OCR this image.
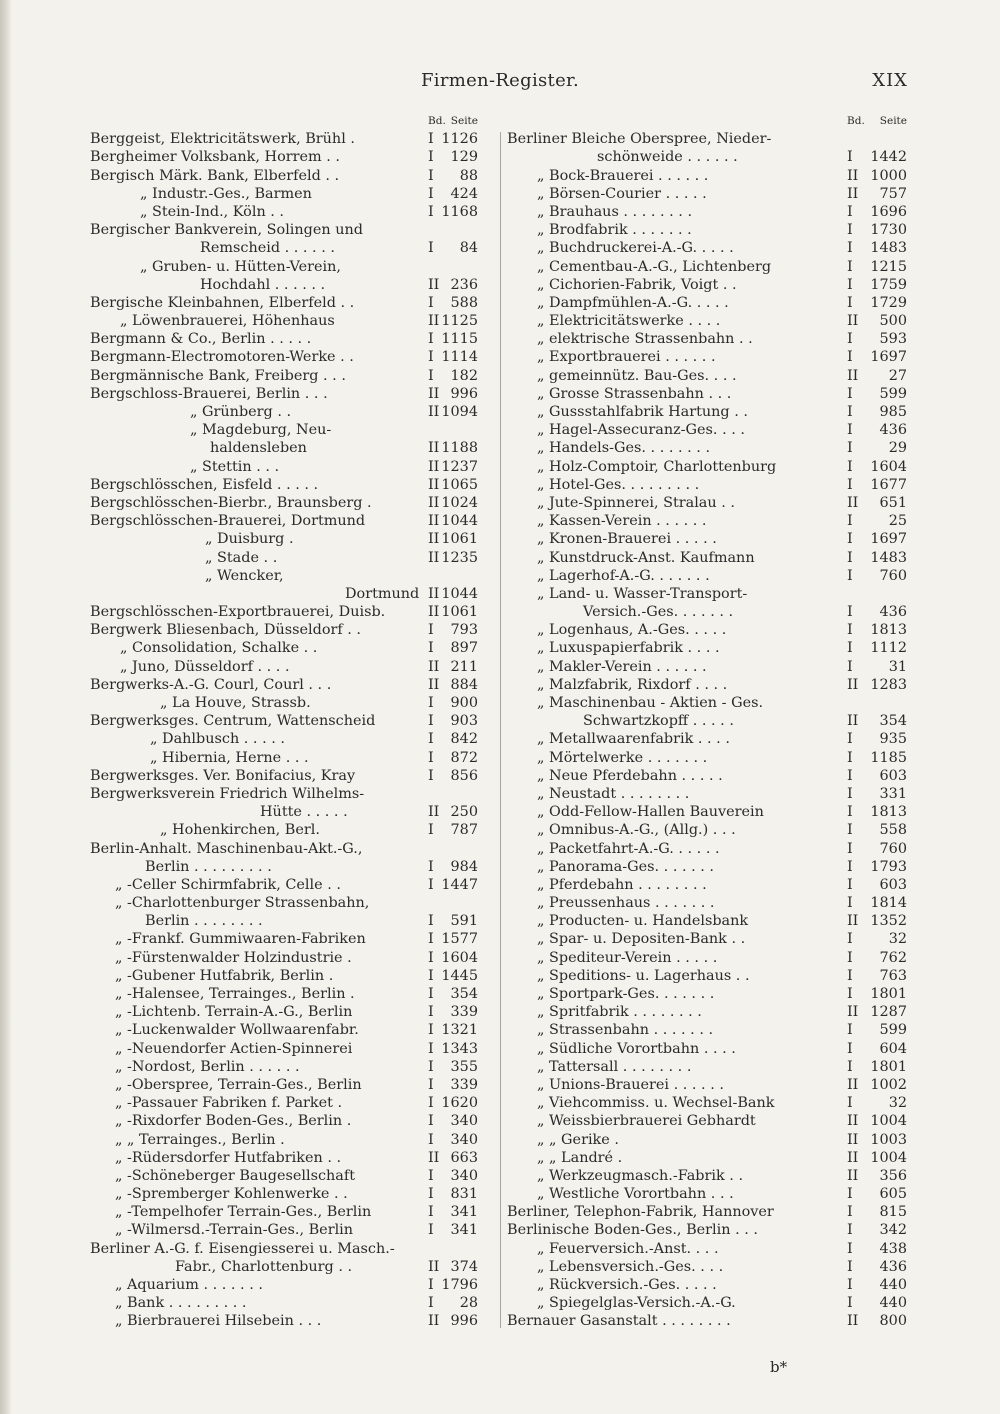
Firmen-Register.	XIX
Bd. Seite
Berggeist, Elektricitätswerk, Brühl .	I 1126
Bergheimer Volksbank, Horrem . .	I	129
Bergisch Märk. Bank, Elberfeld . .	I	88
„ Industr.-Ges., Barmen	I	424
„ Stein-Ind., Köln . .	I 1168
Bergischer Bankverein, Solingen und
Remscheid . . . . . .	I	84
„ Gruben- u. Hütten-Verein,
Hochdahl . . . . . .	II 236
Bergische Kleinbahnen, Elberfeld . .	I	588
„ Löwenbrauerei, Höhenhaus	II 1125
Bergmann & Co., Berlin . . . . .	I 1115
Bergmann-Electromotoren-Werke . .	I 1114
Bergmännische Bank, Freiberg . . .	I	182
Bergschloss-Brauerei, Berlin . . .	II 996
„ Grünberg . .	II 1094
„ Magdeburg, Neu-
haldensleben	II 1188
„ Stettin . . .	II 1237
Bergschlösschen, Eisfeld . . . . .	II 1065
Bergschlösschen-Bierbr., Braunsberg .	II 1024
Bergschlösschen-Brauerei, Dortmund	II 1044
„ Duisburg .	II 1061
„ Stade . .	II 1235
„ Wencker,
Dortmund II 1044
Bergschlösschen-Exportbrauerei, Duisb.	II 1061
Bergwerk Bliesenbach, Düsseldorf . .	I	793
„ Consolidation, Schalke . .	I	897
„ Juno, Düsseldorf . . . .	II 211
Bergwerks-A.-G. Courl, Courl . . .	II 884
„ La Houve, Strassb.	I	900
Bergwerksges. Centrum, Wattenscheid	I	903
„ Dahlbusch . . . . .	I	842
„ Hibernia, Herne . . .	I	872
Bergwerksges. Ver. Bonifacius, Kray	I	856
Bergwerksverein Friedrich Wilhelms-
Hütte . . . . .	II 250
„ Hohenkirchen, Berl.	I	787
Berlin-Anhalt. Maschinenbau-Akt.-G.,
Berlin . . . . . . . . .	I	984
„ -Celler Schirmfabrik, Celle . .	I 1447
„ -Charlottenburger Strassenbahn,
Berlin . . . . . . . .	I	591
„ -Frankf. Gummiwaaren-Fabriken	I 1577
„ -Fürstenwalder Holzindustrie .	I 1604
„ -Gubener Hutfabrik, Berlin .	I 1445
„ -Halensee, Terrainges., Berlin .	I	354
„ -Lichtenb. Terrain-A.-G., Berlin	I	339
„ -Luckenwalder Wollwaarenfabr.	I 1321
„ -Neuendorfer Actien-Spinnerei	I 1343
„ -Nordost, Berlin . . . . . .	I	355
„ -Oberspree, Terrain-Ges., Berlin	I	339
„ -Passauer Fabriken f. Parket .	I 1620
„ -Rixdorfer Boden-Ges., Berlin .	I	340
„ „ Terrainges., Berlin .	I	340
„ -Rüdersdorfer Hutfabriken . .	II 663
„ -Schöneberger Baugesellschaft	I	340
„ -Spremberger Kohlenwerke . .	I	831
„ -Tempelhofer Terrain-Ges., Berlin	I	341
„ -Wilmersd.-Terrain-Ges., Berlin	I	341
Berliner A.-G. f. Eisengiesserei u. Masch.-
Fabr., Charlottenburg . .	II 374
„ Aquarium . . . . . . .	I 1796
„ Bank . . . . . . . . .	I	28
„ Bierbrauerei Hilsebein . . .	II 996
Bd.	Seite
Berliner Bleiche Oberspree, Nieder-
schönweide . . . . . .	I	1442
„ Bock-Brauerei . . . . . .	II 1000
„ Börsen-Courier . . . . .	II	757
„ Brauhaus . . . . . . . .	I	1696
„ Brodfabrik . . . . . . .	I	1730
„ Buchdruckerei-A.-G. . . . .	I	1483
„ Cementbau-A.-G., Lichtenberg	I	1215
„ Cichorien-Fabrik, Voigt . .	I	1759
„ Dampfmühlen-A.-G. . . . .	I	1729
„ Elektricitätswerke . . . .	II	500
„ elektrische Strassenbahn . .	I	593
„ Exportbrauerei . . . . . .	I	1697
„ gemeinnütz. Bau-Ges. . . .	II	27
„ Grosse Strassenbahn . . .	I	599
„ Gussstahlfabrik Hartung . .	I	985
„ Hagel-Assecuranz-Ges. . . .	I	436
„ Handels-Ges. . . . . . . .	I	29
„ Holz-Comptoir, Charlottenburg	I	1604
„ Hotel-Ges. . . . . . . . .	I	1677
„ Jute-Spinnerei, Stralau . .	II	651
„ Kassen-Verein . . . . . .	I	25
„ Kronen-Brauerei . . . . .	I	1697
„ Kunstdruck-Anst. Kaufmann	I	1483
„ Lagerhof-A.-G. . . . . . .	I	760
„ Land- u. Wasser-Transport-
Versich.-Ges. . . . . . .	I	436
„ Logenhaus, A.-Ges. . . . .	I	1813
„ Luxuspapierfabrik . . . .	I	1112
„ Makler-Verein . . . . . .	I	31
„ Malzfabrik, Rixdorf . . . .	II 1283
„ Maschinenbau - Aktien - Ges.
Schwartzkopff . . . . .	II	354
„ Metallwaarenfabrik . . . .	I	935
„ Mörtelwerke . . . . . . .	I	1185
„ Neue Pferdebahn . . . . .	I	603
„ Neustadt . . . . . . . .	I	331
„ Odd-Fellow-Hallen Bauverein	I	1813
„ Omnibus-A.-G., (Allg.) . . .	I	558
„ Packetfahrt-A.-G. . . . . .	I	760
„ Panorama-Ges. . . . . . .	I	1793
„ Pferdebahn . . . . . . . .	I	603
„ Preussenhaus . . . . . . .	I	1814
„ Producten- u. Handelsbank	II 1352
„ Spar- u. Depositen-Bank . .	I	32
„ Spediteur-Verein . . . . .	I	762
„ Speditions- u. Lagerhaus . .	I	763
„ Sportpark-Ges. . . . . . .	I	1801
„ Spritfabrik . . . . . . . .	II 1287
„ Strassenbahn . . . . . . .	I	599
„ Südliche Vorortbahn . . . .	I	604
„ Tattersall . . . . . . . .	I	1801
„ Unions-Brauerei . . . . . .	II 1002
„ Viehcommiss. u. Wechsel-Bank	I	32
„ Weissbierbrauerei Gebhardt	II 1004
„ „ Gerike .	II 1003
„ „ Landré .	II 1004
„ Werkzeugmasch.-Fabrik . .	II	356
„ Westliche Vorortbahn . . .	I	605
Berliner, Telephon-Fabrik, Hannover	I	815
Berlinische Boden-Ges., Berlin . . .	I	342
„ Feuerversich.-Anst. . . .	I	438
„ Lebensversich.-Ges. . . .	I	436
„ Rückversich.-Ges. . . . .	I	440
„ Spiegelglas-Versich.-A.-G.	I	440
Bernauer Gasanstalt . . . . . . . .	II	800
b*
